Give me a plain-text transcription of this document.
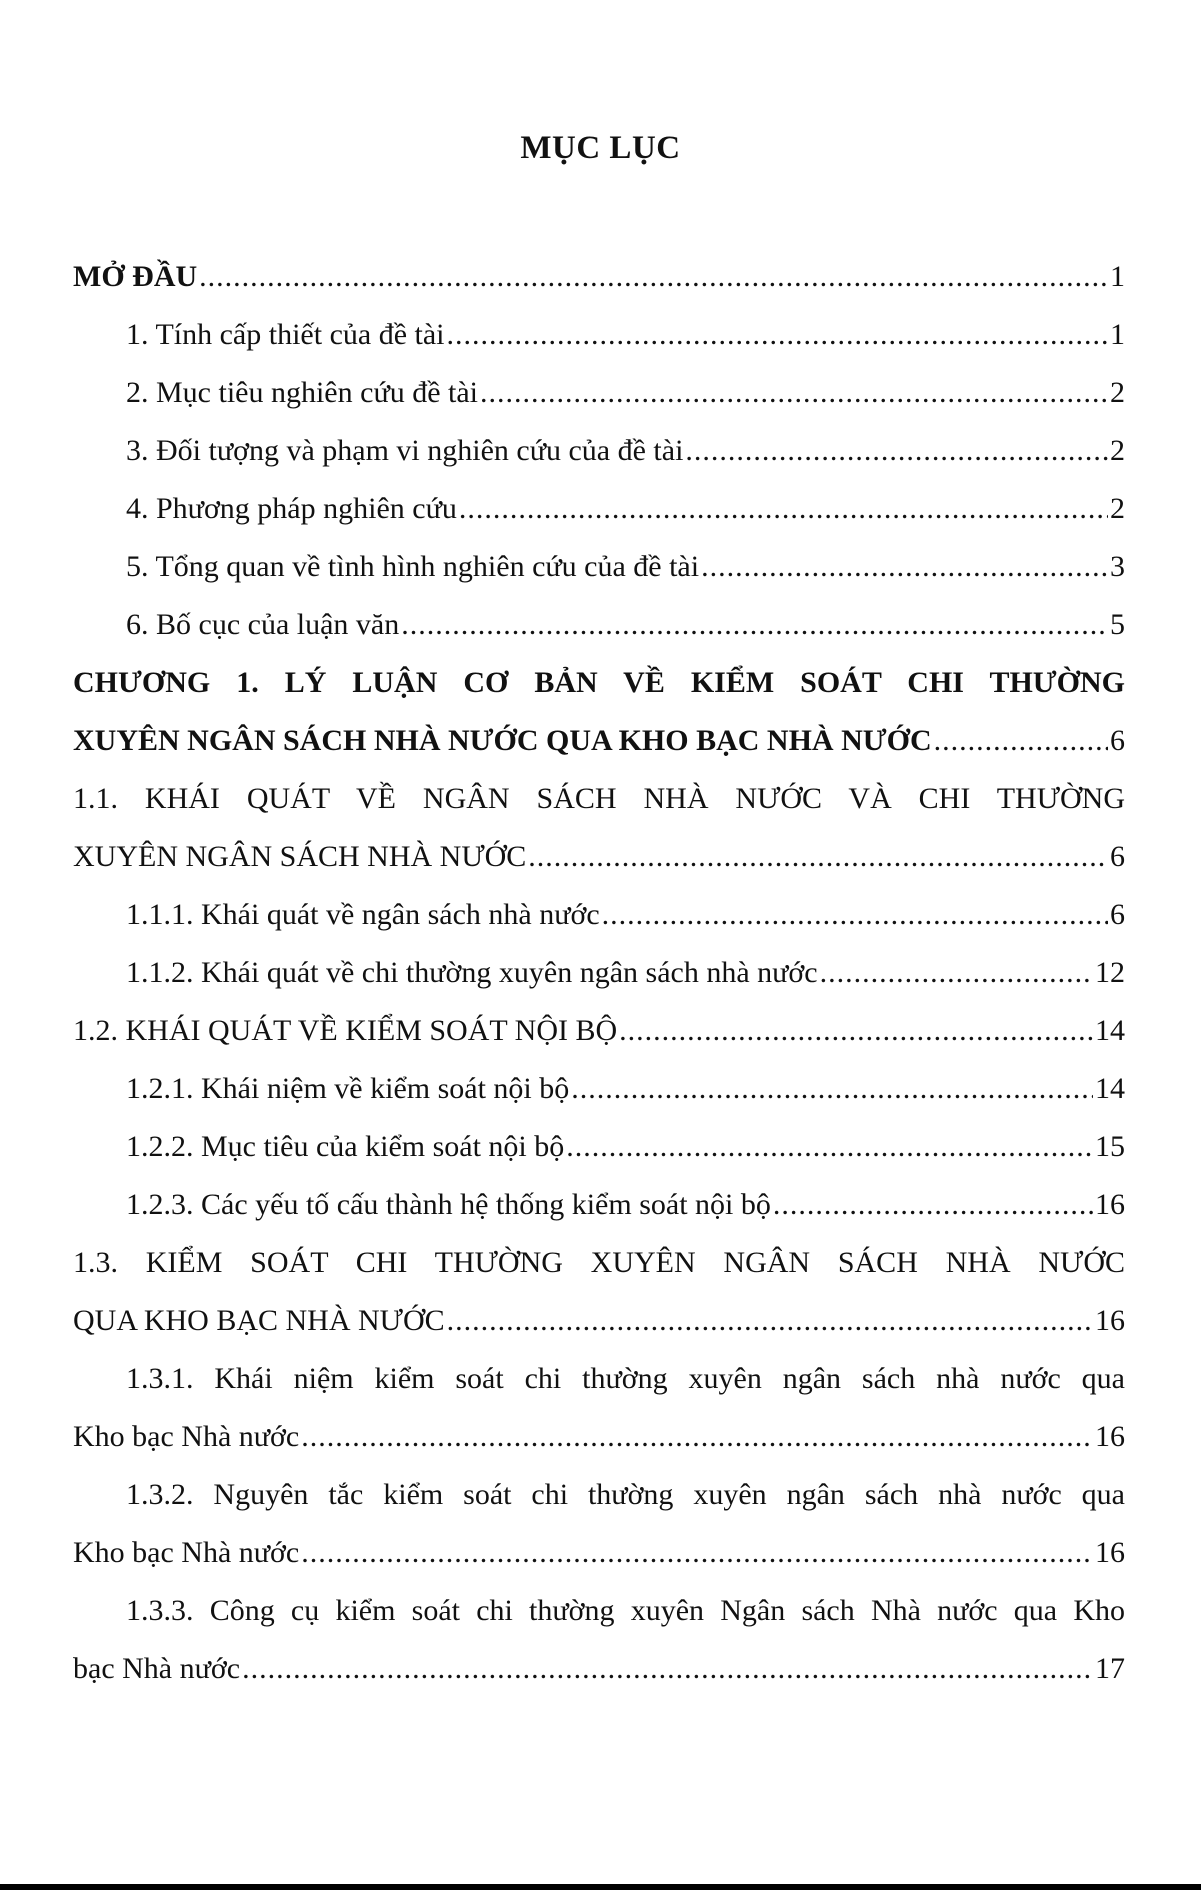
MỤC LỤC
MỞ ĐẦU .....	1
1. Tính cấp thiết của đề tài .....	1
2. Mục tiêu nghiên cứu đề tài .....	2
3. Đối tượng và phạm vi nghiên cứu của đề tài .....	2
4. Phương pháp nghiên cứu .....	2
5. Tổng quan về tình hình nghiên cứu của đề tài .....	3
6. Bố cục của luận văn .....	5
CHƯƠNG 1. LÝ LUẬN CƠ BẢN VỀ KIỂM SOÁT CHI THƯỜNG
XUYÊN NGÂN SÁCH NHÀ NƯỚC QUA KHO BẠC NHÀ NƯỚC .....	6
1.1. KHÁI QUÁT VỀ NGÂN SÁCH NHÀ NƯỚC VÀ CHI THƯỜNG
XUYÊN NGÂN SÁCH NHÀ NƯỚC .....	6
1.1.1. Khái quát về ngân sách nhà nước .....	6
1.1.2. Khái quát về chi thường xuyên ngân sách nhà nước .....	12
1.2. KHÁI QUÁT VỀ KIỂM SOÁT NỘI BỘ .....	14
1.2.1. Khái niệm về kiểm soát nội bộ .....	14
1.2.2. Mục tiêu của kiểm soát nội bộ .....	15
1.2.3. Các yếu tố cấu thành hệ thống kiểm soát nội bộ .....	16
1.3. KIỂM SOÁT CHI THƯỜNG XUYÊN NGÂN SÁCH NHÀ NƯỚC
QUA KHO BẠC NHÀ NƯỚC .....	16
1.3.1. Khái niệm kiểm soát chi thường xuyên ngân sách nhà nước qua
Kho bạc Nhà nước .....	16
1.3.2. Nguyên tắc kiểm soát chi thường xuyên ngân sách nhà nước qua
Kho bạc Nhà nước .....	16
1.3.3. Công cụ kiểm soát chi thường xuyên Ngân sách Nhà nước qua Kho
bạc Nhà nước .....	17
